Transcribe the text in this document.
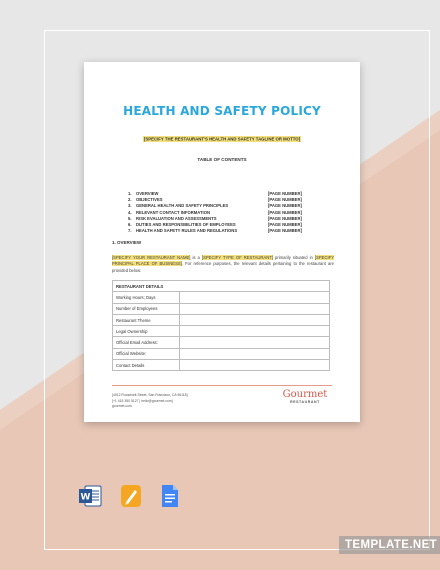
HEALTH AND SAFETY POLICY
[SPECIFY THE RESTAURANT'S HEALTH AND SAFETY TAGLINE OR MOTTO]
TABLE OF CONTENTS
1.	OVERVIEW	[PAGE NUMBER]
2.	OBJECTIVES	[PAGE NUMBER]
3.	GENERAL HEALTH AND SAFETY PRINCIPLES	[PAGE NUMBER]
4.	RELEVANT CONTACT INFORMATION	[PAGE NUMBER]
5.	RISK EVALUATION AND ASSESSMENTS	[PAGE NUMBER]
6.	DUTIES AND RESPONSIBILITIES OF EMPLOYEES	[PAGE NUMBER]
7.	HEALTH AND SAFETY RULES AND REGULATIONS	[PAGE NUMBER]
1. OVERVIEW
[SPECIFY YOUR RESTAURANT NAME] is a [SPECIFY TYPE OF RESTAURANT] primarily situated in [SPECIFY PRINCIPAL PLACE OF BUSINESS]. For reference purposes, the relevant details pertaining to the restaurant are provided below:
RESTAURANT DETAILS	
Working Hours; Days	
Number of Employees	
Restaurant Theme	
Legal Ownership	
Official Email Address:	
Official Website:	
Contact Details	
[4012 Roosevelt Street, San Francisco, CA 96118]
[+1 415 350 5127 | hello@gourmet.com]
gourmet.com
Gourmet
RESTAURANT
W
TEMPLATE.NET
